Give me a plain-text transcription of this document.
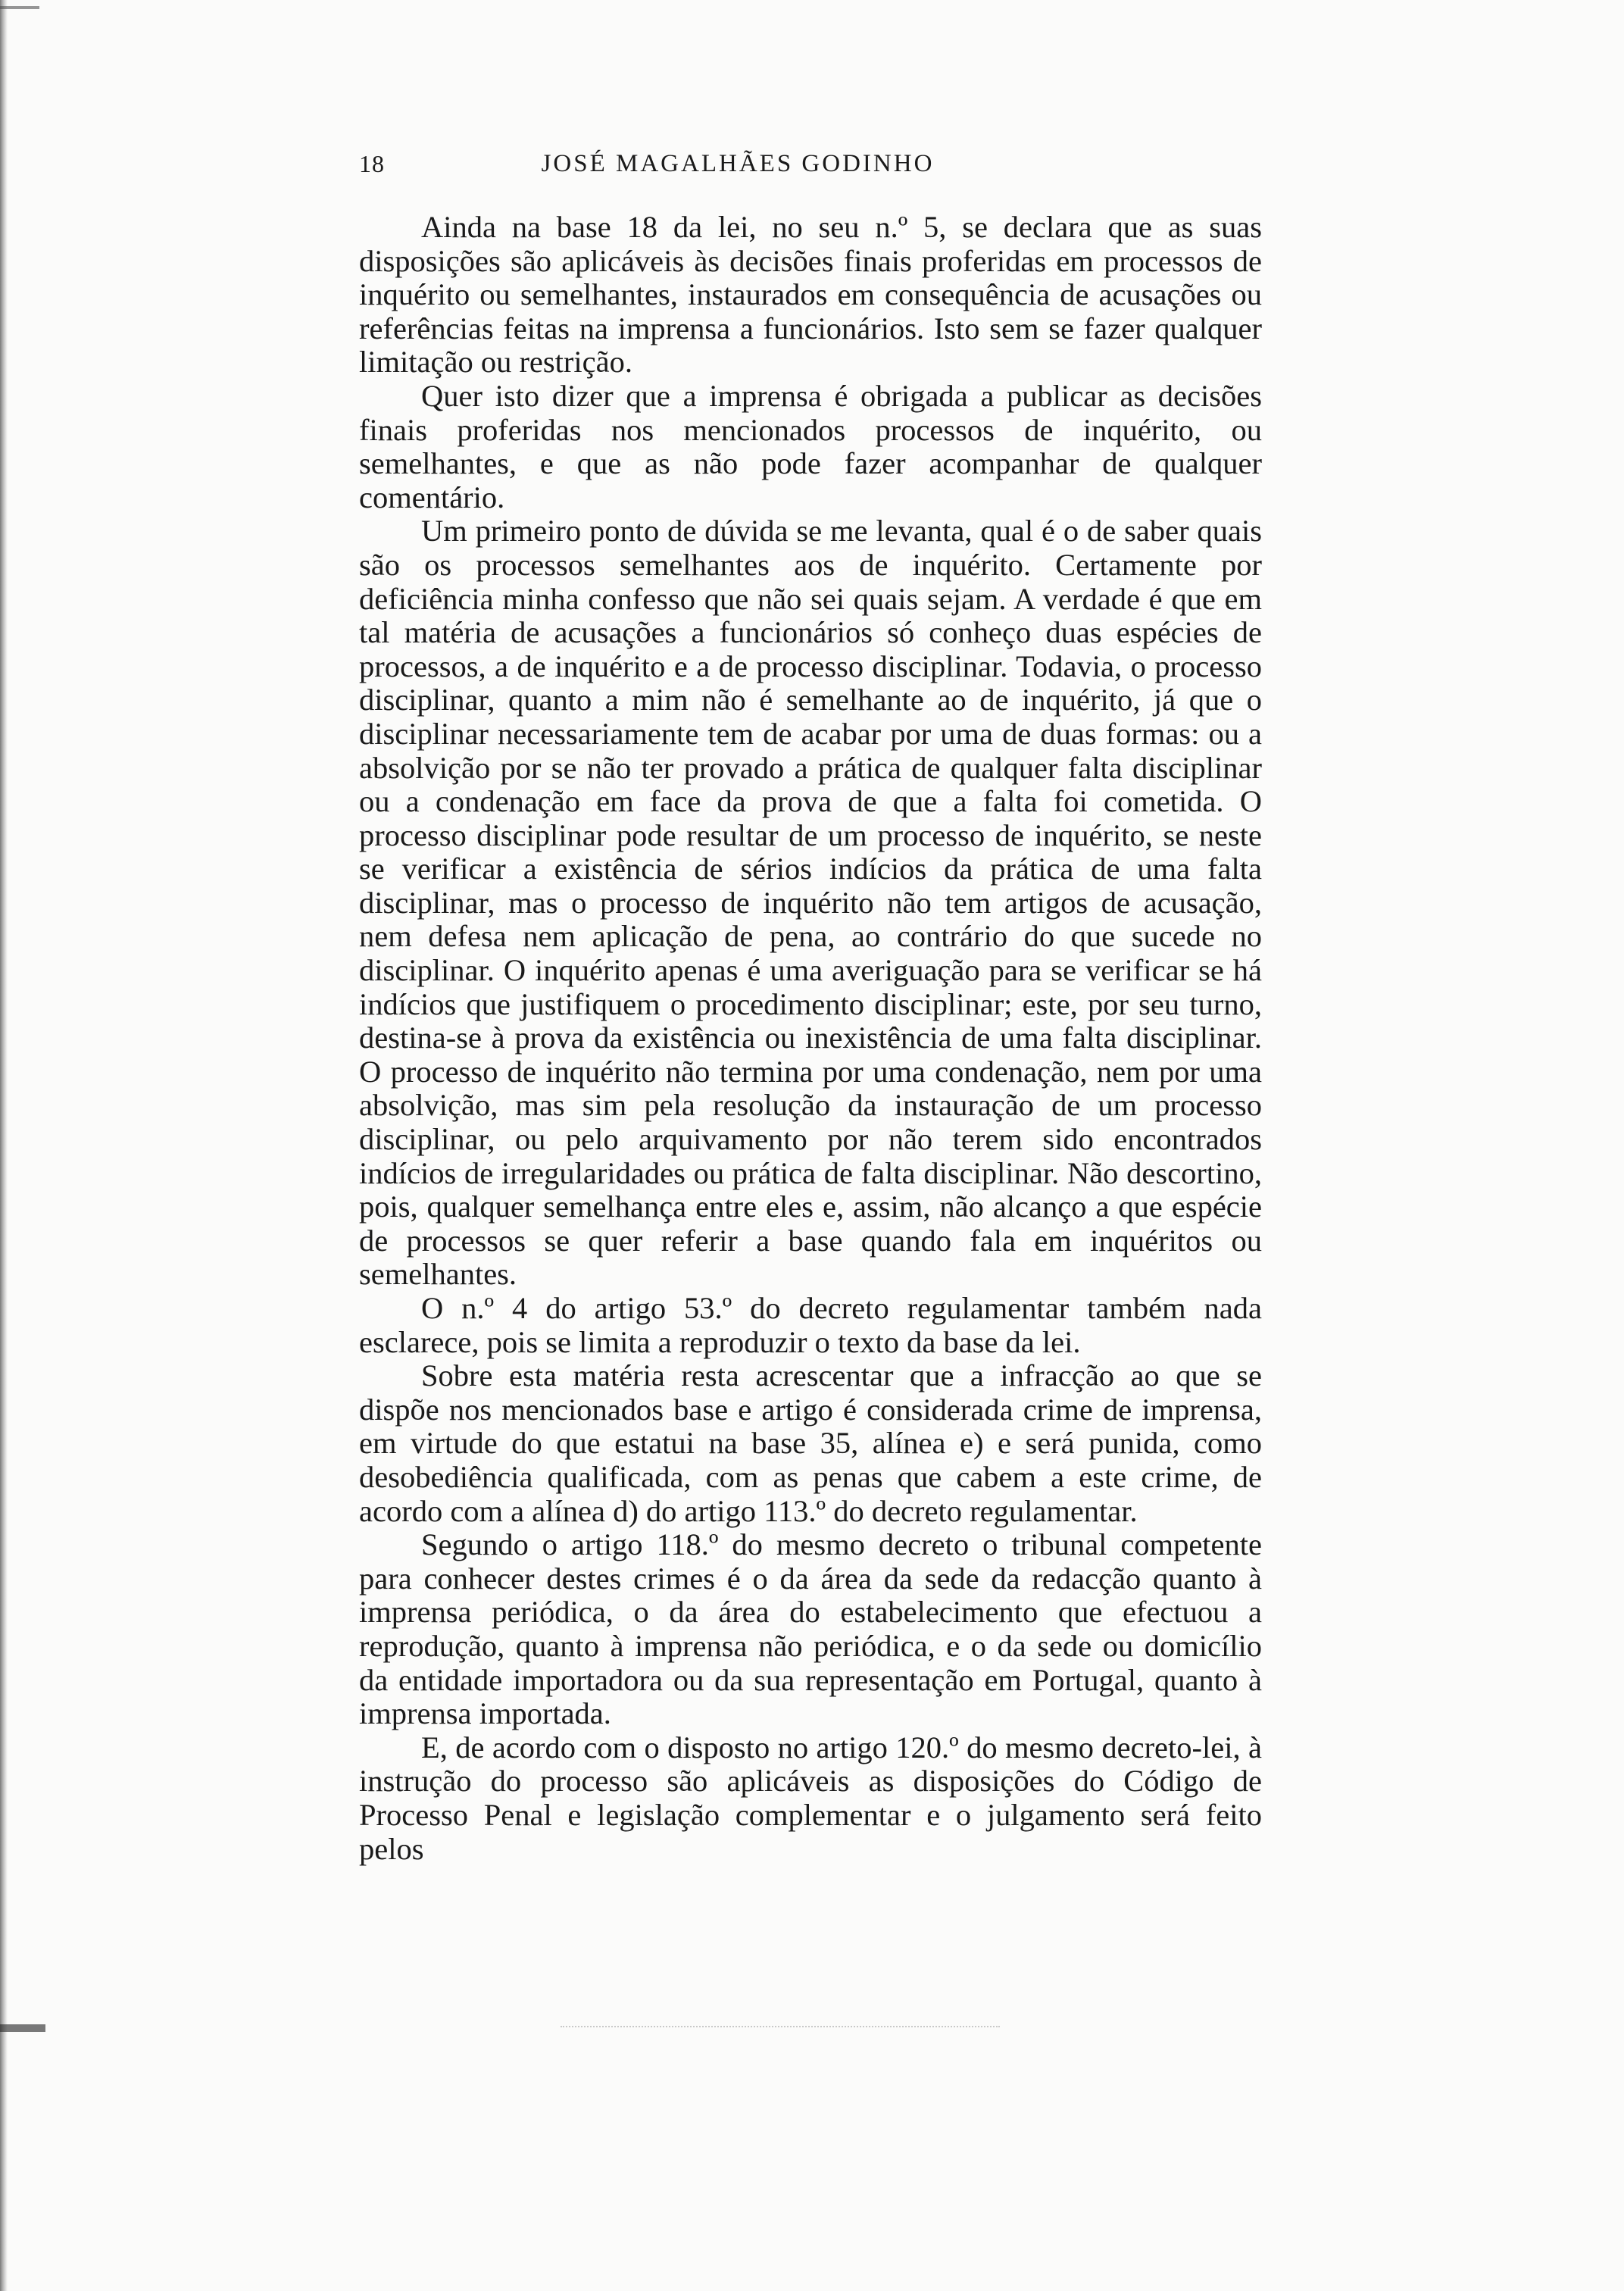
18	JOSÉ MAGALHÃES GODINHO

Ainda na base 18 da lei, no seu n.º 5, se declara que as suas disposições são aplicáveis às decisões finais proferidas em processos de inquérito ou semelhantes, instaurados em consequência de acusações ou referências feitas na imprensa a funcionários. Isto sem se fazer qualquer limitação ou restrição.

Quer isto dizer que a imprensa é obrigada a publicar as decisões finais proferidas nos mencionados processos de inquérito, ou semelhantes, e que as não pode fazer acompanhar de qualquer comentário.

Um primeiro ponto de dúvida se me levanta, qual é o de saber quais são os processos semelhantes aos de inquérito. Certamente por deficiência minha confesso que não sei quais sejam. A verdade é que em tal matéria de acusações a funcionários só conheço duas espécies de processos, a de inquérito e a de processo disciplinar. Todavia, o processo disciplinar, quanto a mim não é semelhante ao de inquérito, já que o disciplinar necessariamente tem de acabar por uma de duas formas: ou a absolvição por se não ter provado a prática de qualquer falta disciplinar ou a condenação em face da prova de que a falta foi cometida. O processo disciplinar pode resultar de um processo de inquérito, se neste se verificar a existência de sérios indícios da prática de uma falta disciplinar, mas o processo de inquérito não tem artigos de acusação, nem defesa nem aplicação de pena, ao contrário do que sucede no disciplinar. O inquérito apenas é uma averiguação para se verificar se há indícios que justifiquem o procedimento disciplinar; este, por seu turno, destina-se à prova da existência ou inexistência de uma falta disciplinar. O processo de inquérito não termina por uma condenação, nem por uma absolvição, mas sim pela resolução da instauração de um processo disciplinar, ou pelo arquivamento por não terem sido encontrados indícios de irregularidades ou prática de falta disciplinar. Não descortino, pois, qualquer semelhança entre eles e, assim, não alcanço a que espécie de processos se quer referir a base quando fala em inquéritos ou semelhantes.

O n.º 4 do artigo 53.º do decreto regulamentar também nada esclarece, pois se limita a reproduzir o texto da base da lei.

Sobre esta matéria resta acrescentar que a infracção ao que se dispõe nos mencionados base e artigo é considerada crime de imprensa, em virtude do que estatui na base 35, alínea e) e será punida, como desobediência qualificada, com as penas que cabem a este crime, de acordo com a alínea d) do artigo 113.º do decreto regulamentar.

Segundo o artigo 118.º do mesmo decreto o tribunal competente para conhecer destes crimes é o da área da sede da redacção quanto à imprensa periódica, o da área do estabelecimento que efectuou a reprodução, quanto à imprensa não periódica, e o da sede ou domicílio da entidade importadora ou da sua representação em Portugal, quanto à imprensa importada.

E, de acordo com o disposto no artigo 120.º do mesmo decreto-lei, à instrução do processo são aplicáveis as disposições do Código de Processo Penal e legislação complementar e o julgamento será feito pelos
